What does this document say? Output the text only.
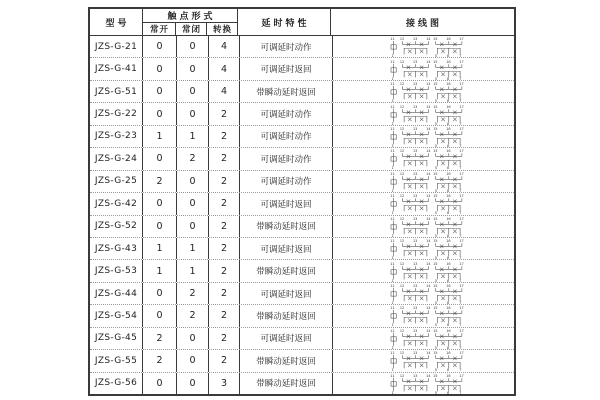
型号
触点形式
常开	常闭	转换
延时特性	接线图
JZS-G-21	0	0	4	可调延时动作
11 12 13 14 15 16 17
1	5 6 7
JZS-G-41	0	0	4	可调延时返回
11 12 13 14 15 16 17
1	5 6 7
JZS-G-51	0	0	4	带瞬动延时返回
11 12 13 14 15 16 17
1	5 6 7
JZS-G-22	0	0	2	可调延时动作
11 12 13 14 15 16 17
1	5 6 7
JZS-G-23	1	1	2	可调延时动作
11 12 13 14 15 16 17
1	5 6 7
JZS-G-24	0	2	2	可调延时动作
11 12 13 14 15 16 17
1	5 6 7
JZS-G-25	2	0	2	可调延时动作
11 12 13 14 15 16 17
1	5 6 7
JZS-G-42	0	0	2	可调延时返回
11 12 13 14 15 16 17
1	5 6 7
JZS-G-52	0	0	2	带瞬动延时返回
11 12 13 14 15 16 17
1	5 6 7
JZS-G-43	1	1	2	可调延时返回
11 12 13 14 15 16 17
1	5 6 7
JZS-G-53	1	1	2	带瞬动延时返回
11 12 13 14 15 16 17
1	5 6 7
JZS-G-44	0	2	2	可调延时返回
11 12 13 14 15 16 17
1	5 6 7
JZS-G-54	0	2	2	带瞬动延时返回
11 12 13 14 15 16 17
1	5 6 7
JZS-G-45	2	0	2	可调延时返回
11 12 13 14 15 16 17
1	5 6 7
JZS-G-55	2	0	2	带瞬动延时返回
11 12 13 14 15 16 17
1	5 6 7
JZS-G-56	0	0	3	带瞬动延时返回
11 12 13 14 15 16 17
1	5 6 7
